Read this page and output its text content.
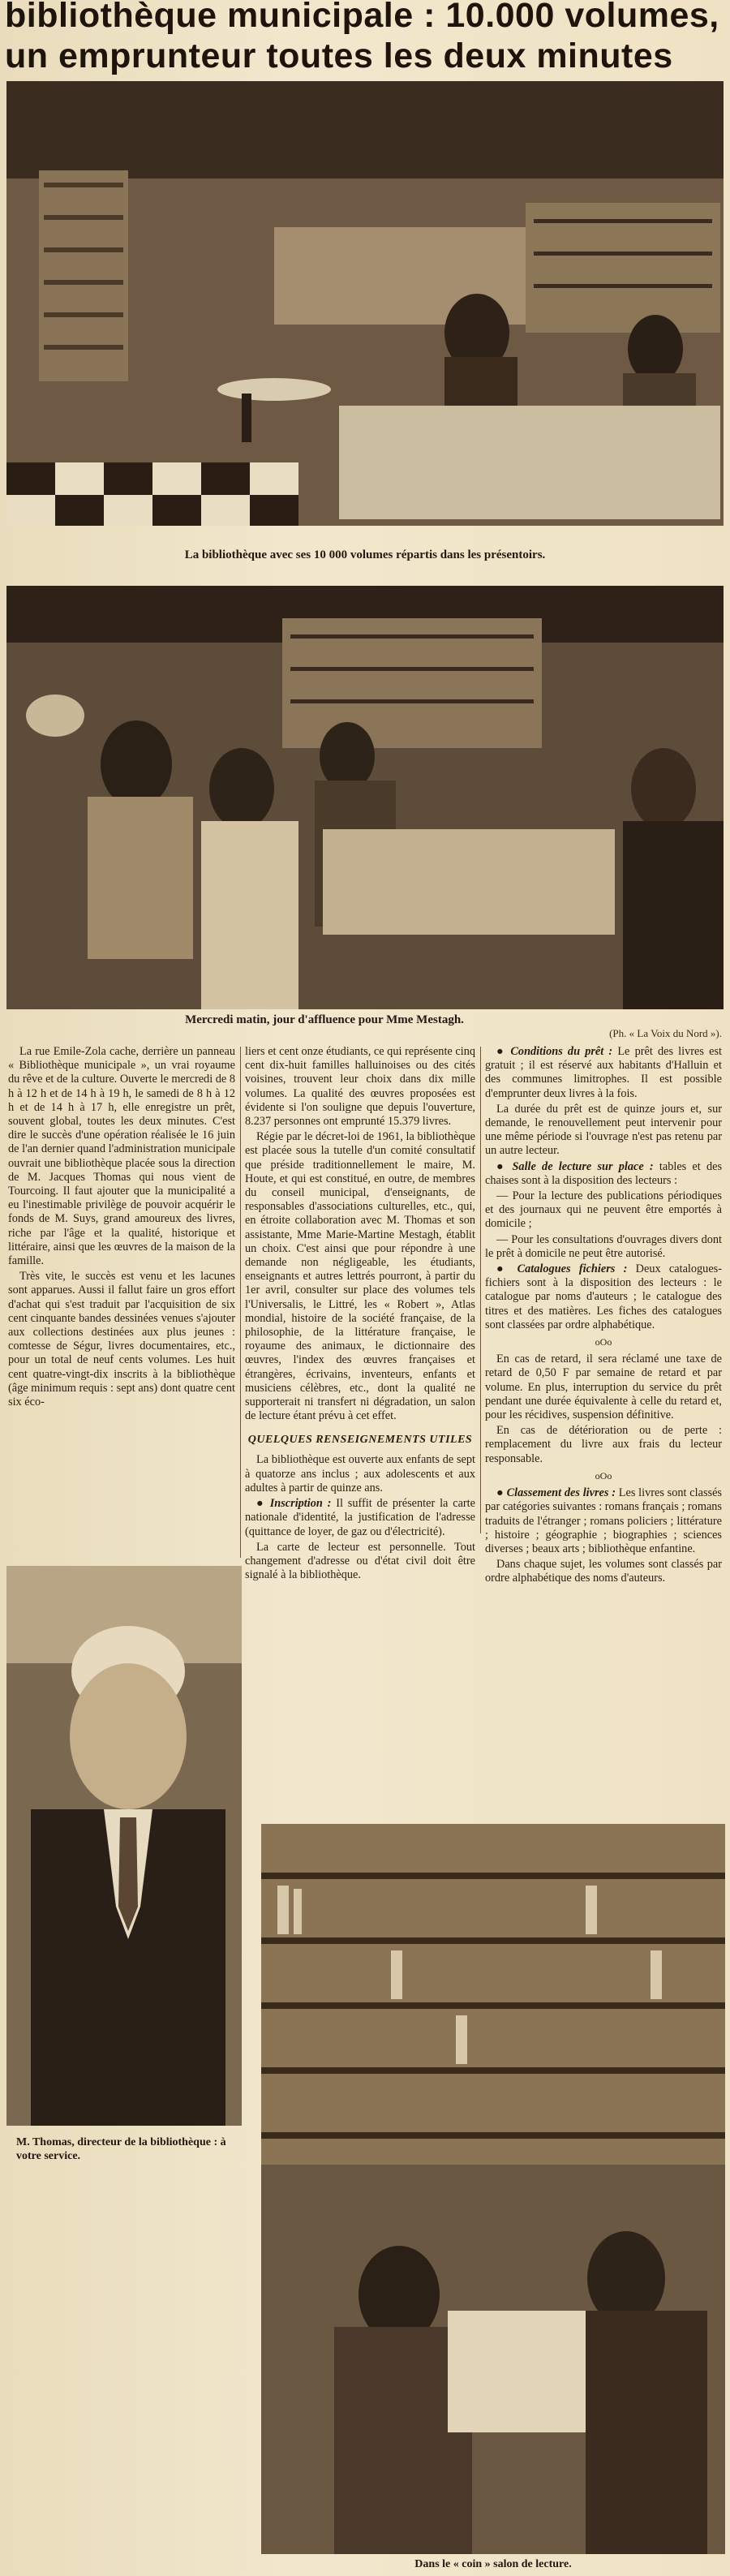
bibliothèque municipale : 10.000 volumes,
un emprunteur toutes les deux minutes

La bibliothèque avec ses 10 000 volumes répartis dans les présentoirs.

Mercredi matin, jour d'affluence pour Mme Mestagh.

(Ph. « La Voix du Nord »).

La rue Emile-Zola cache, derrière un panneau « Bibliothèque municipale », un vrai royaume du rêve et de la culture. Ouverte le mercredi de 8 h à 12 h et de 14 h à 19 h, le samedi de 8 h à 12 h et de 14 h à 17 h, elle enregistre un prêt, souvent global, toutes les deux minutes. C'est dire le succès d'une opération réalisée le 16 juin de l'an dernier quand l'administration municipale ouvrait une bibliothèque placée sous la direction de M. Jacques Thomas qui nous vient de Tourcoing. Il faut ajouter que la municipalité a eu l'inestimable privilège de pouvoir acquérir le fonds de M. Suys, grand amoureux des livres, riche par l'âge et la qualité, historique et littéraire, ainsi que les œuvres de la maison de la famille.

Très vite, le succès est venu et les lacunes sont apparues. Aussi il fallut faire un gros effort d'achat qui s'est traduit par l'acquisition de six cent cinquante bandes dessinées venues s'ajouter aux collections destinées aux plus jeunes : comtesse de Ségur, livres documentaires, etc., pour un total de neuf cents volumes. Les huit cent quatre-vingt-dix inscrits à la bibliothèque (âge minimum requis : sept ans) dont quatre cent six éco-

liers et cent onze étudiants, ce qui représente cinq cent dix-huit familles halluinoises ou des cités voisines, trouvent leur choix dans dix mille volumes. La qualité des œuvres proposées est évidente si l'on souligne que depuis l'ouverture, 8.237 personnes ont emprunté 15.379 livres.

Régie par le décret-loi de 1961, la bibliothèque est placée sous la tutelle d'un comité consultatif que préside traditionnellement le maire, M. Houte, et qui est constitué, en outre, de membres du conseil municipal, d'enseignants, de responsables d'associations culturelles, etc., qui, en étroite collaboration avec M. Thomas et son assistante, Mme Marie-Martine Mestagh, établit un choix. C'est ainsi que pour répondre à une demande non négligeable, les étudiants, enseignants et autres lettrés pourront, à partir du 1er avril, consulter sur place des volumes tels l'Universalis, le Littré, les « Robert », Atlas mondial, histoire de la société française, de la philosophie, de la littérature française, le royaume des animaux, le dictionnaire des œuvres, l'index des œuvres françaises et étrangères, écrivains, inventeurs, enfants et musiciens célèbres, etc., dont la qualité ne supporterait ni transfert ni dégradation, un salon de lecture étant prévu à cet effet.

QUELQUES RENSEIGNEMENTS UTILES

La bibliothèque est ouverte aux enfants de sept à quatorze ans inclus ; aux adolescents et aux adultes à partir de quinze ans.

● Inscription : Il suffit de présenter la carte nationale d'identité, la justification de l'adresse (quittance de loyer, de gaz ou d'électricité).

La carte de lecteur est personnelle. Tout changement d'adresse ou d'état civil doit être signalé à la bibliothèque.

● Conditions du prêt : Le prêt des livres est gratuit ; il est réservé aux habitants d'Halluin et des communes limitrophes. Il est possible d'emprunter deux livres à la fois.

La durée du prêt est de quinze jours et, sur demande, le renouvellement peut intervenir pour une même période si l'ouvrage n'est pas retenu par un autre lecteur.

● Salle de lecture sur place : tables et des chaises sont à la disposition des lecteurs :

— Pour la lecture des publications périodiques et des journaux qui ne peuvent être emportés à domicile ;

— Pour les consultations d'ouvrages divers dont le prêt à domicile ne peut être autorisé.

● Catalogues fichiers : Deux catalogues-fichiers sont à la disposition des lecteurs : le catalogue par noms d'auteurs ; le catalogue des titres et des matières. Les fiches des catalogues sont classées par ordre alphabétique.

oOo

En cas de retard, il sera réclamé une taxe de retard de 0,50 F par semaine de retard et par volume. En plus, interruption du service du prêt pendant une durée équivalente à celle du retard et, pour les récidives, suspension définitive.

En cas de détérioration ou de perte : remplacement du livre aux frais du lecteur responsable.

oOo

● Classement des livres : Les livres sont classés par catégories suivantes : romans français ; romans traduits de l'étranger ; romans policiers ; littérature ; histoire ; géographie ; biographies ; sciences diverses ; beaux arts ; bibliothèque enfantine.

Dans chaque sujet, les volumes sont classés par ordre alphabétique des noms d'auteurs.

M. Thomas, directeur de la bibliothèque : à votre service.

Dans le « coin » salon de lecture.
